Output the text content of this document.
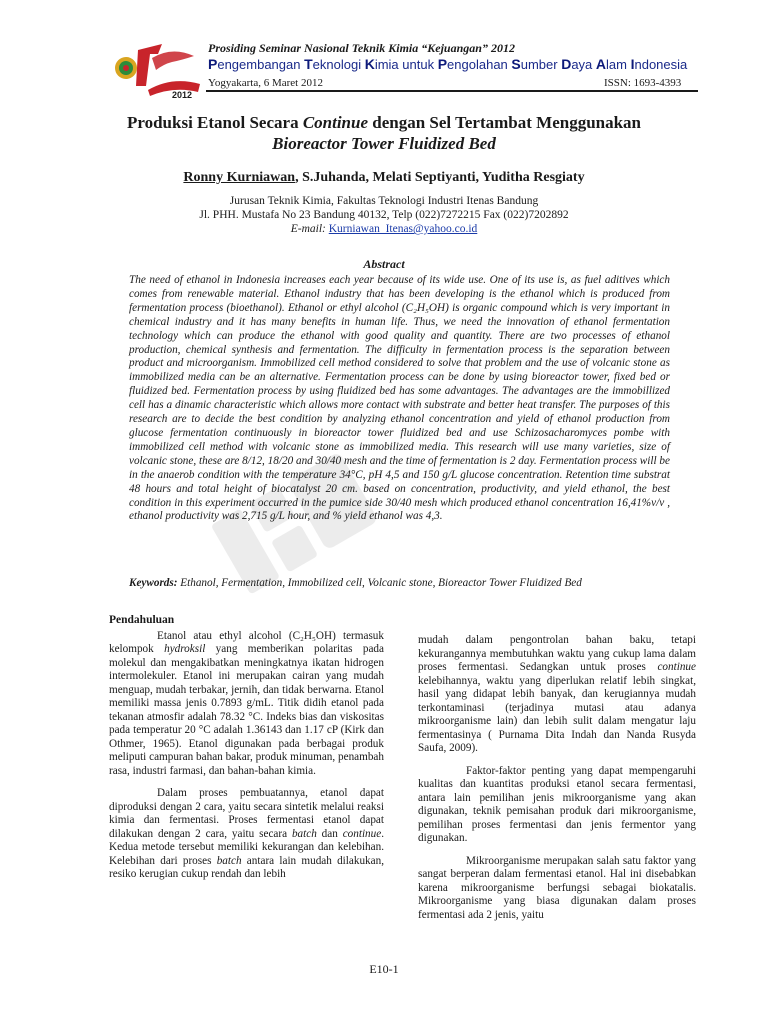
2012
Prosiding Seminar Nasional Teknik Kimia “Kejuangan” 2012
Pengembangan Teknologi Kimia untuk Pengolahan Sumber Daya Alam Indonesia
Yogyakarta, 6 Maret 2012	ISSN: 1693-4393
Produksi Etanol Secara Continue dengan Sel Tertambat Menggunakan
Bioreactor Tower Fluidized Bed
Ronny Kurniawan, S.Juhanda, Melati Septiyanti, Yuditha Resgiaty
Jurusan Teknik Kimia, Fakultas Teknologi Industri Itenas Bandung
Jl. PHH. Mustafa No 23 Bandung 40132, Telp (022)7272215 Fax (022)7202892
E-mail: Kurniawan_Itenas@yahoo.co.id
Abstract
The need of ethanol in Indonesia increases each year because of its wide use. One of its use is, as fuel aditives which comes from renewable material. Ethanol industry that has been developing is the ethanol which is produced from fermentation process (bioethanol). Ethanol or ethyl alcohol (C₂H₅OH) is organic compound which is very important in chemical industry and it has many benefits in human life. Thus, we need the innovation of ethanol fermentation technology which can produce the ethanol with good quality and quantity. There are two processes of ethanol production, chemical synthesis and fermentation. The difficulty in fermentation process is the separation between product and microorganism. Immobilized cell method considered to solve that problem and the use of volcanic stone as immobilized media can be an alternative. Fermentation process can be done by using bioreactor tower, fixed bed or fluidized bed. Fermentation process by using fluidized bed has some advantages. The advantages are the immobillized cell has a dinamic characteristic which allows more contact with substrate and better heat transfer. The purposes of this research are to decide the best condition by analyzing ethanol concentration and yield of ethanol production from glucose fermentation continuously in bioreactor tower fluidized bed and use Schizosacharomyces pombe with immobilized cell method with volcanic stone as immobilized media. This research will use many varieties, size of volcanic stone, these are 8/12, 18/20 and 30/40 mesh and the time of fermentation is 2 day. Fermentation process will be in the anaerob condition with the temperature 34°C, pH 4,5 and 150 g/L glucose concentration. Retention time substrat 48 hours and total height of biocatalyst 20 cm. based on concentration, productivity, and yield ethanol, the best condition in this experiment occurred in the pumice side 30/40 mesh which produced ethanol concentration 16,41%v/v , ethanol productivity was 2,715 g/L hour, and % yield ethanol was 4,3.
Keywords: Ethanol, Fermentation, Immobilized cell, Volcanic stone, Bioreactor Tower Fluidized Bed

Pendahuluan

Etanol atau ethyl alcohol (C₂H₅OH) termasuk kelompok hydroksil yang memberikan polaritas pada molekul dan mengakibatkan meningkatnya ikatan hidrogen intermolekuler. Etanol ini merupakan cairan yang mudah menguap, mudah terbakar, jernih, dan tidak berwarna. Etanol memiliki massa jenis 0.7893 g/mL. Titik didih etanol pada tekanan atmosfir adalah 78.32 °C. Indeks bias dan viskositas pada temperatur 20 °C adalah 1.36143 dan 1.17 cP (Kirk dan Othmer, 1965). Etanol digunakan pada berbagai produk meliputi campuran bahan bakar, produk minuman, penambah rasa, industri farmasi, dan bahan-bahan kimia.

Dalam proses pembuatannya, etanol dapat diproduksi dengan 2 cara, yaitu secara sintetik melalui reaksi kimia dan fermentasi. Proses fermentasi etanol dapat dilakukan dengan 2 cara, yaitu secara batch dan continue. Kedua metode tersebut memiliki kekurangan dan kelebihan. Kelebihan dari proses batch antara lain mudah dilakukan, resiko kerugian cukup rendah dan lebih

mudah dalam pengontrolan bahan baku, tetapi kekurangannya membutuhkan waktu yang cukup lama dalam proses fermentasi. Sedangkan untuk proses continue kelebihannya, waktu yang diperlukan relatif lebih singkat, hasil yang didapat lebih banyak, dan kerugiannya mudah terkontaminasi (terjadinya mutasi atau adanya mikroorganisme lain) dan lebih sulit dalam mengatur laju fermentasinya ( Purnama Dita Indah dan Nanda Rusyda Saufa, 2009).

Faktor-faktor penting yang dapat mempengaruhi kualitas dan kuantitas produksi etanol secara fermentasi, antara lain pemilihan jenis mikroorganisme yang akan digunakan, teknik pemisahan produk dari mikroorganisme, pemilihan proses fermentasi dan jenis fermentor yang digunakan.

Mikroorganisme merupakan salah satu faktor yang sangat berperan dalam fermentasi etanol. Hal ini disebabkan karena mikroorganisme berfungsi sebagai biokatalis. Mikroorganisme yang biasa digunakan dalam proses fermentasi ada 2 jenis, yaitu

E10-1
